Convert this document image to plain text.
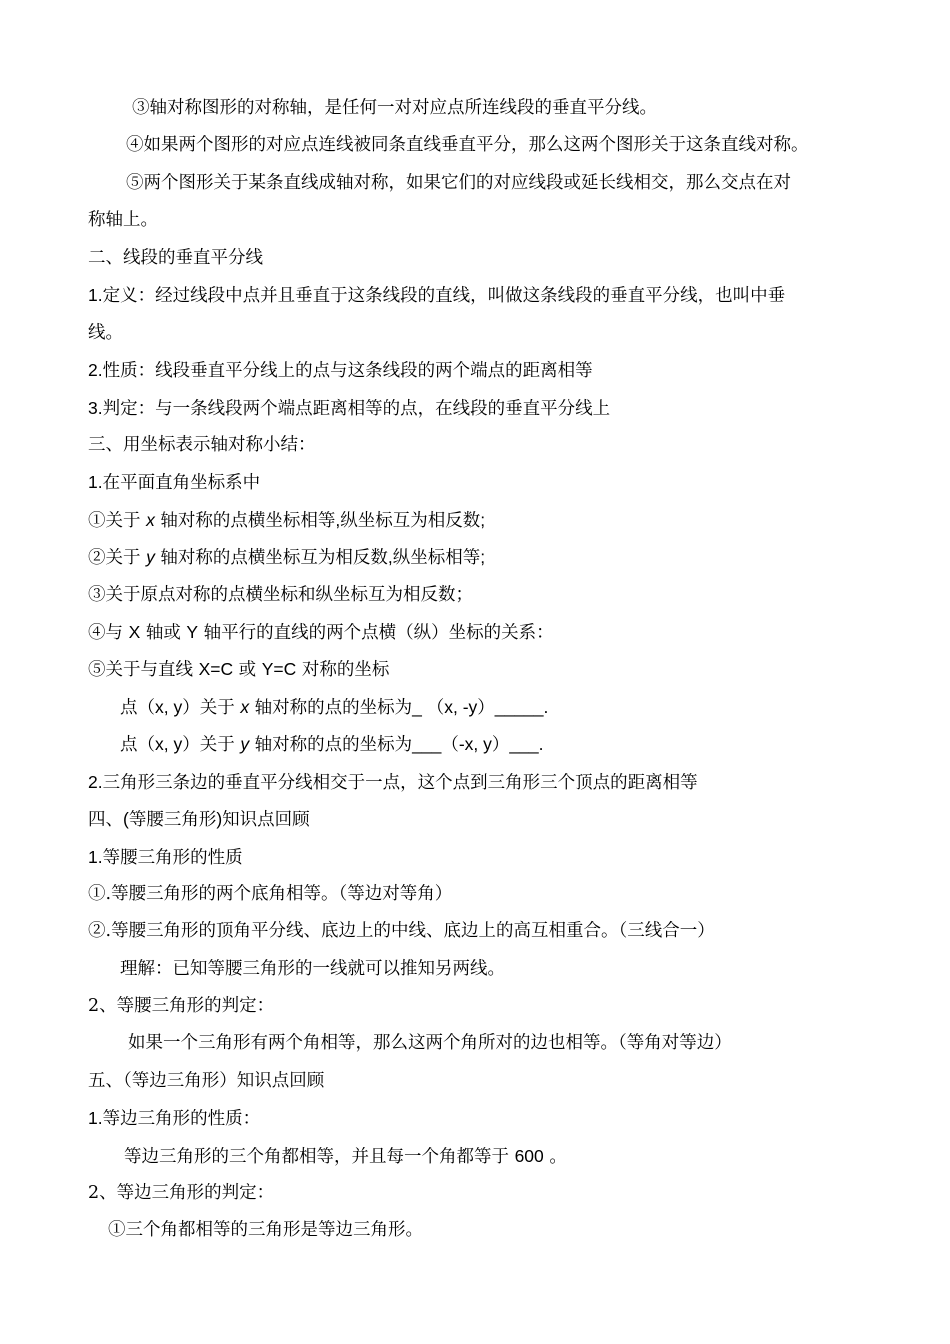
③轴对称图形的对称轴，是任何一对对应点所连线段的垂直平分线。
④如果两个图形的对应点连线被同条直线垂直平分，那么这两个图形关于这条直线对称。
⑤两个图形关于某条直线成轴对称，如果它们的对应线段或延长线相交，那么交点在对
称轴上。
二、线段的垂直平分线
1.定义：经过线段中点并且垂直于这条线段的直线，叫做这条线段的垂直平分线，也叫中垂
线。
2.性质：线段垂直平分线上的点与这条线段的两个端点的距离相等
3.判定：与一条线段两个端点距离相等的点，在线段的垂直平分线上
三、用坐标表示轴对称小结：
1.在平面直角坐标系中
①关于 x 轴对称的点横坐标相等,纵坐标互为相反数;
②关于 y 轴对称的点横坐标互为相反数,纵坐标相等;
③关于原点对称的点横坐标和纵坐标互为相反数；
④与 X 轴或 Y 轴平行的直线的两个点横（纵）坐标的关系：
⑤关于与直线 X=C 或 Y=C 对称的坐标
点（x, y）关于 x 轴对称的点的坐标为_ （x, -y）_____.
点（x, y）关于 y 轴对称的点的坐标为___（-x, y）___.
2.三角形三条边的垂直平分线相交于一点，这个点到三角形三个顶点的距离相等
四、(等腰三角形)知识点回顾
1.等腰三角形的性质
①.等腰三角形的两个底角相等。（等边对等角）
②.等腰三角形的顶角平分线、底边上的中线、底边上的高互相重合。（三线合一）
理解：已知等腰三角形的一线就可以推知另两线。
2、等腰三角形的判定：
如果一个三角形有两个角相等，那么这两个角所对的边也相等。（等角对等边）
五、（等边三角形）知识点回顾
1.等边三角形的性质：
等边三角形的三个角都相等，并且每一个角都等于 600 。
2、等边三角形的判定：
①三个角都相等的三角形是等边三角形。
